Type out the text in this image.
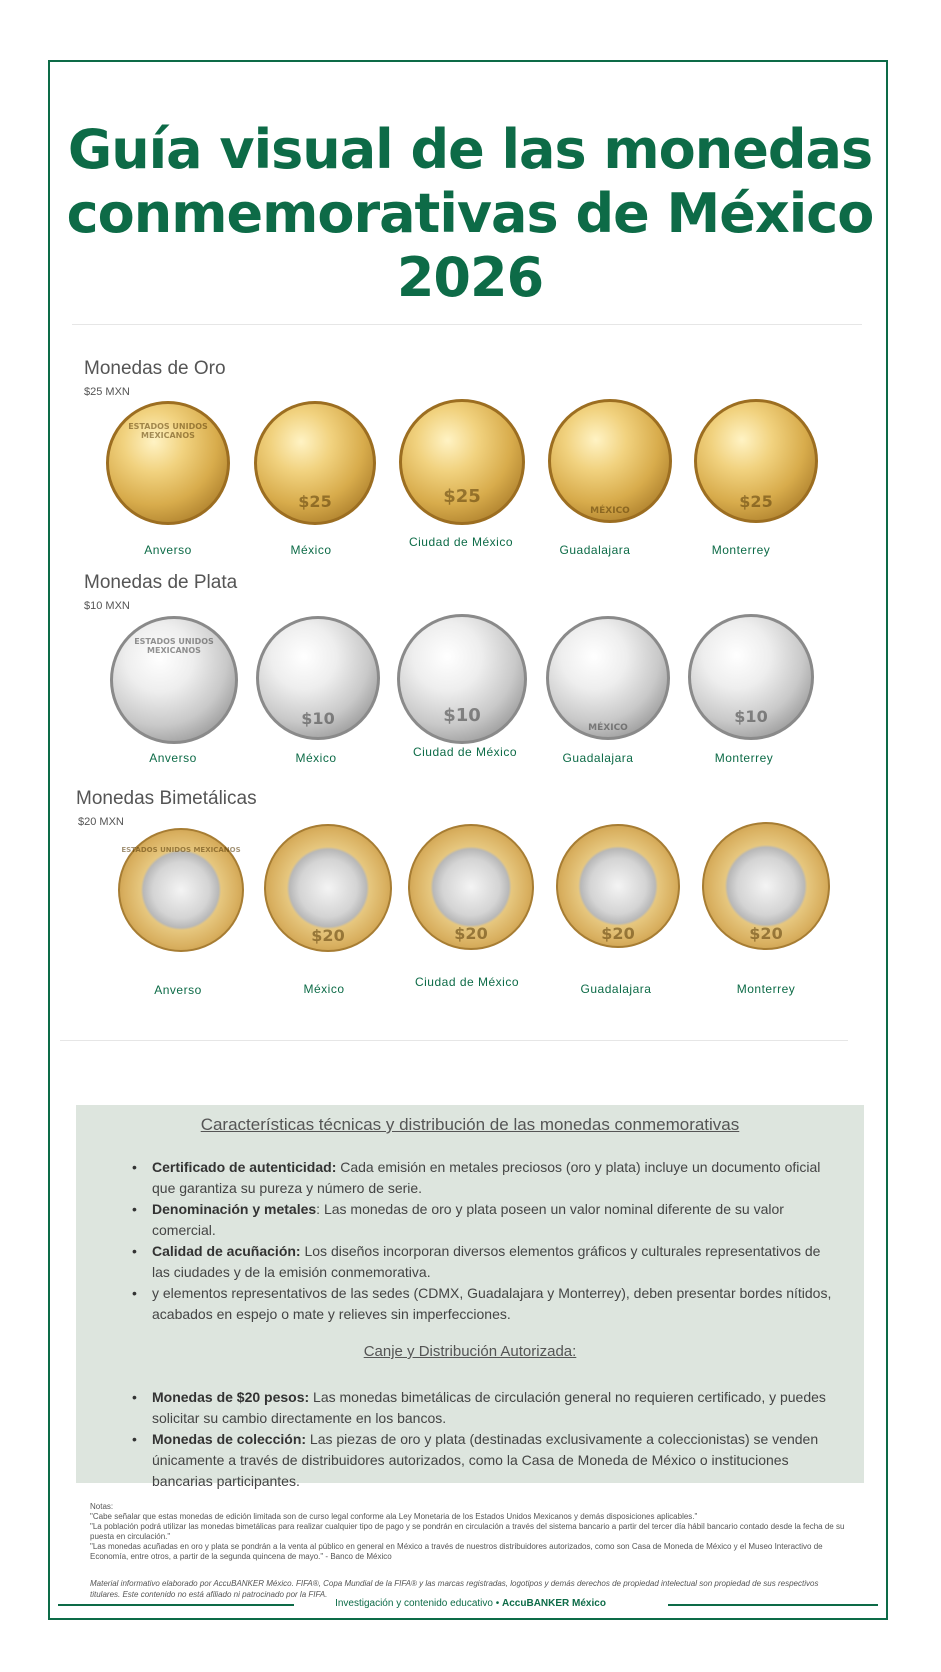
Guía visual de las monedas conmemorativas de México 2026
Monedas de Oro
$25 MXN
ESTADOS UNIDOS MEXICANOS
$25	$25
MÉXICO	$25
Anverso	México
Ciudad de México
Guadalajara	Monterrey
Monedas de Plata
$10 MXN
ESTADOS UNIDOS MEXICANOS
$10	$10
MÉXICO
$10
Anverso	México	Ciudad de México	Guadalajara	Monterrey
Monedas Bimetálicas
$20 MXN
ESTADOS UNIDOS MEXICANOS
$20	$20	$20	$20
Anverso	México	Ciudad de México	Guadalajara	Monterrey
Características técnicas y distribución de las monedas conmemorativas
• Certificado de autenticidad: Cada emisión en metales preciosos (oro y plata) incluye un documento oficial que garantiza su pureza y número de serie.
• Denominación y metales: Las monedas de oro y plata poseen un valor nominal diferente de su valor comercial.
• Calidad de acuñación: Los diseños incorporan diversos elementos gráficos y culturales representativos de las ciudades y de la emisión conmemorativa.
• y elementos representativos de las sedes (CDMX, Guadalajara y Monterrey), deben presentar bordes nítidos, acabados en espejo o mate y relieves sin imperfecciones.
Canje y Distribución Autorizada:
• Monedas de $20 pesos: Las monedas bimetálicas de circulación general no requieren certificado, y puedes solicitar su cambio directamente en los bancos.
• Monedas de colección: Las piezas de oro y plata (destinadas exclusivamente a coleccionistas) se venden únicamente a través de distribuidores autorizados, como la Casa de Moneda de México o instituciones bancarias participantes.

Notas:

"Cabe señalar que estas monedas de edición limitada son de curso legal conforme ala Ley Monetaria de los Estados Unidos Mexicanos y demás disposiciones aplicables."

"La población podrá utilizar las monedas bimetálicas para realizar cualquier tipo de pago y se pondrán en circulación a través del sistema bancario a partir del tercer día hábil bancario contado desde la fecha de su puesta en circulación."

"Las monedas acuñadas en oro y plata se pondrán a la venta al público en general en México a través de nuestros distribuidores autorizados, como son Casa de Moneda de México y el Museo Interactivo de Economía, entre otros, a partir de la segunda quincena de mayo." - Banco de México

Material informativo elaborado por AccuBANKER México. FIFA®, Copa Mundial de la FIFA® y las marcas registradas, logotipos y demás derechos de propiedad intelectual son propiedad de sus respectivos titulares. Este contenido no está afiliado ni patrocinado por la FIFA.
Investigación y contenido educativo • AccuBANKER México
